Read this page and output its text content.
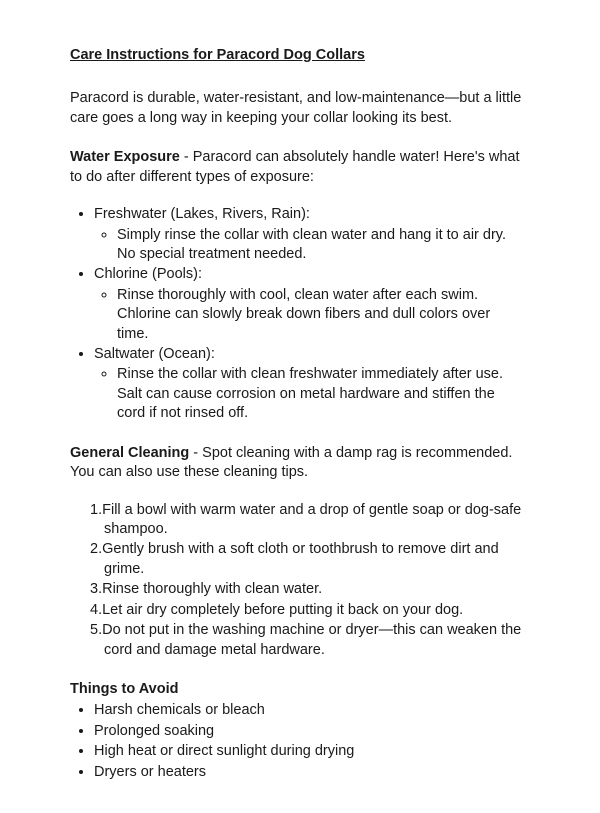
Care Instructions for Paracord Dog Collars

Paracord is durable, water-resistant, and low-maintenance—but a little care goes a long way in keeping your collar looking its best.

Water Exposure - Paracord can absolutely handle water! Here's what to do after different types of exposure:

• Freshwater (Lakes, Rivers, Rain):
◦ Simply rinse the collar with clean water and hang it to air dry. No special treatment needed.
• Chlorine (Pools):
◦ Rinse thoroughly with cool, clean water after each swim. Chlorine can slowly break down fibers and dull colors over time.
• Saltwater (Ocean):
◦ Rinse the collar with clean freshwater immediately after use. Salt can cause corrosion on metal hardware and stiffen the cord if not rinsed off.

General Cleaning - Spot cleaning with a damp rag is recommended. You can also use these cleaning tips.

Fill a bowl with warm water and a drop of gentle soap or dog-safe shampoo.
Gently brush with a soft cloth or toothbrush to remove dirt and grime.
Rinse thoroughly with clean water.
Let air dry completely before putting it back on your dog.
Do not put in the washing machine or dryer—this can weaken the cord and damage metal hardware.

Things to Avoid

• Harsh chemicals or bleach
• Prolonged soaking
• High heat or direct sunlight during drying
• Dryers or heaters
